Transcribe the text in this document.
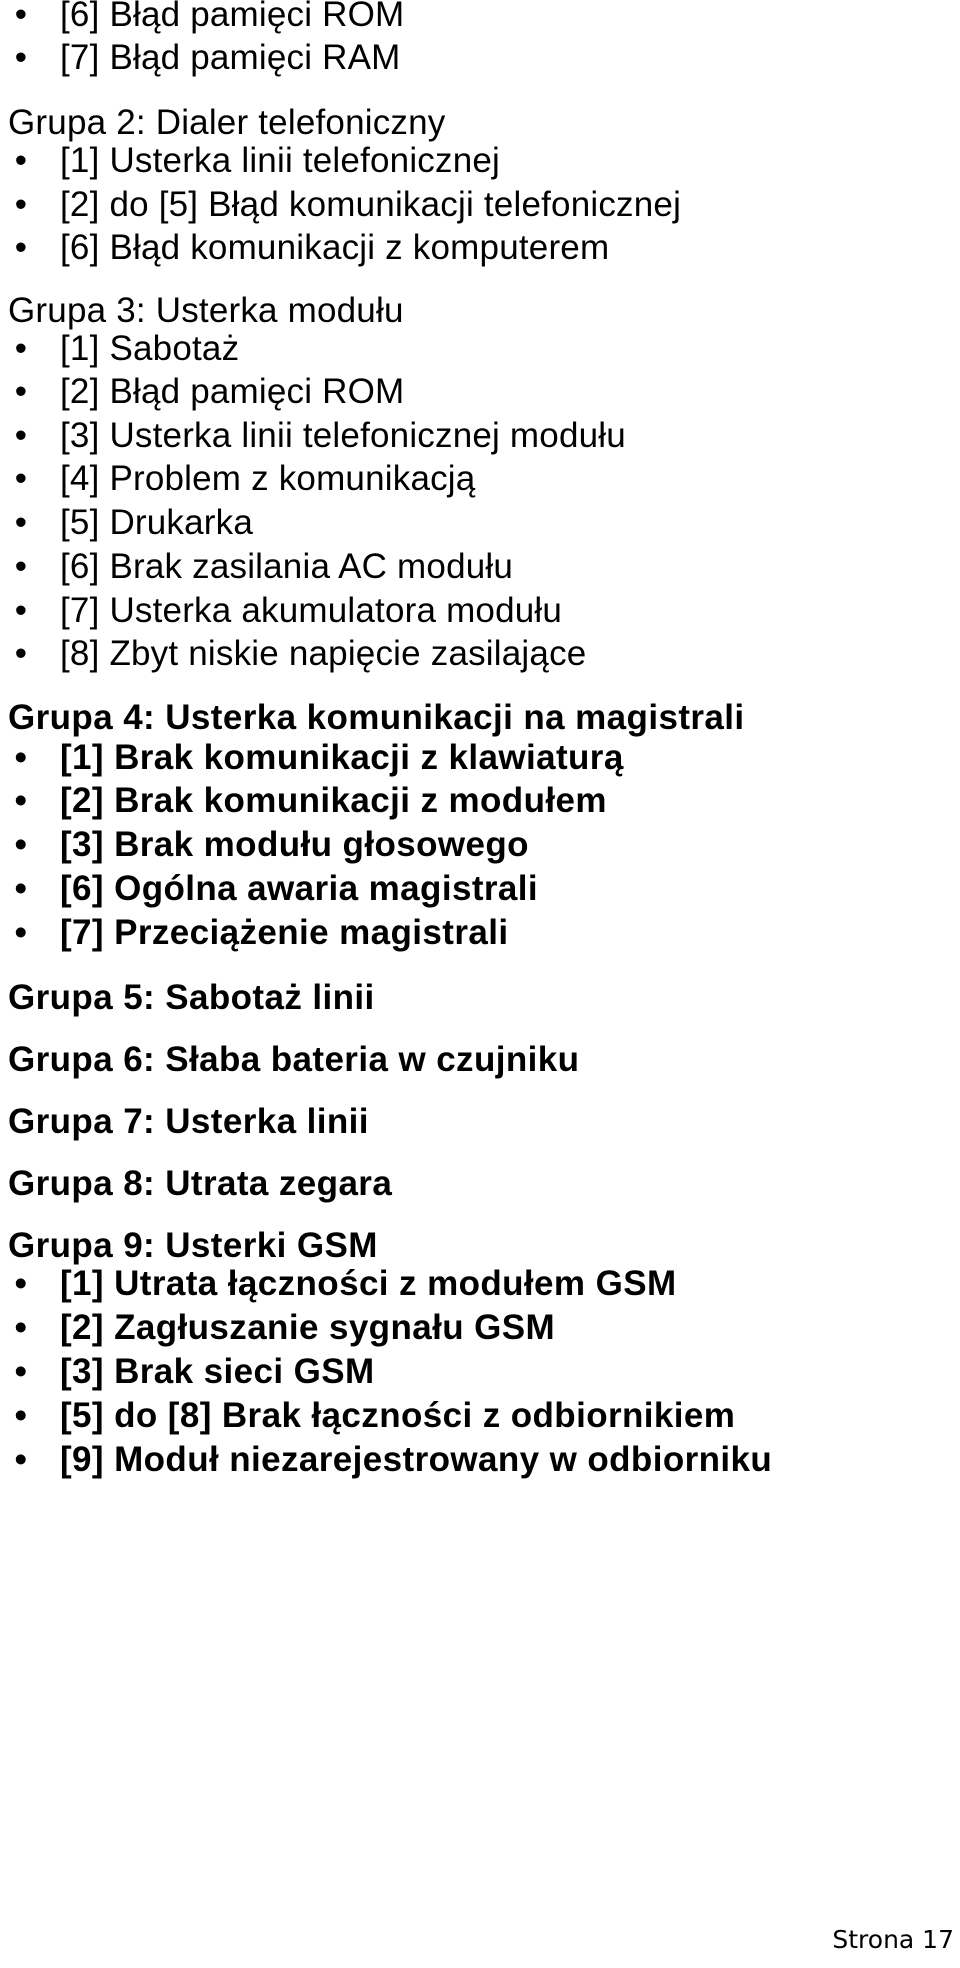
• [6] Błąd pamięci ROM
• [7] Błąd pamięci RAM
Grupa 2: Dialer telefoniczny
• [1] Usterka linii telefonicznej
• [2] do [5] Błąd komunikacji telefonicznej
• [6] Błąd komunikacji z komputerem
Grupa 3: Usterka modułu
• [1] Sabotaż
• [2] Błąd pamięci ROM
• [3] Usterka linii telefonicznej modułu
• [4] Problem z komunikacją
• [5] Drukarka
• [6] Brak zasilania AC modułu
• [7] Usterka akumulatora modułu
• [8] Zbyt niskie napięcie zasilające
Grupa 4: Usterka komunikacji na magistrali
• [1] Brak komunikacji z klawiaturą
• [2] Brak komunikacji z modułem
• [3] Brak modułu głosowego
• [6] Ogólna awaria magistrali
• [7] Przeciążenie magistrali
Grupa 5: Sabotaż linii
Grupa 6: Słaba bateria w czujniku
Grupa 7: Usterka linii
Grupa 8: Utrata zegara
Grupa 9: Usterki GSM
• [1] Utrata łączności z modułem GSM
• [2] Zagłuszanie sygnału GSM
• [3] Brak sieci GSM
• [5] do [8] Brak łączności z odbiornikiem
• [9] Moduł niezarejestrowany w odbiorniku
Strona 17
